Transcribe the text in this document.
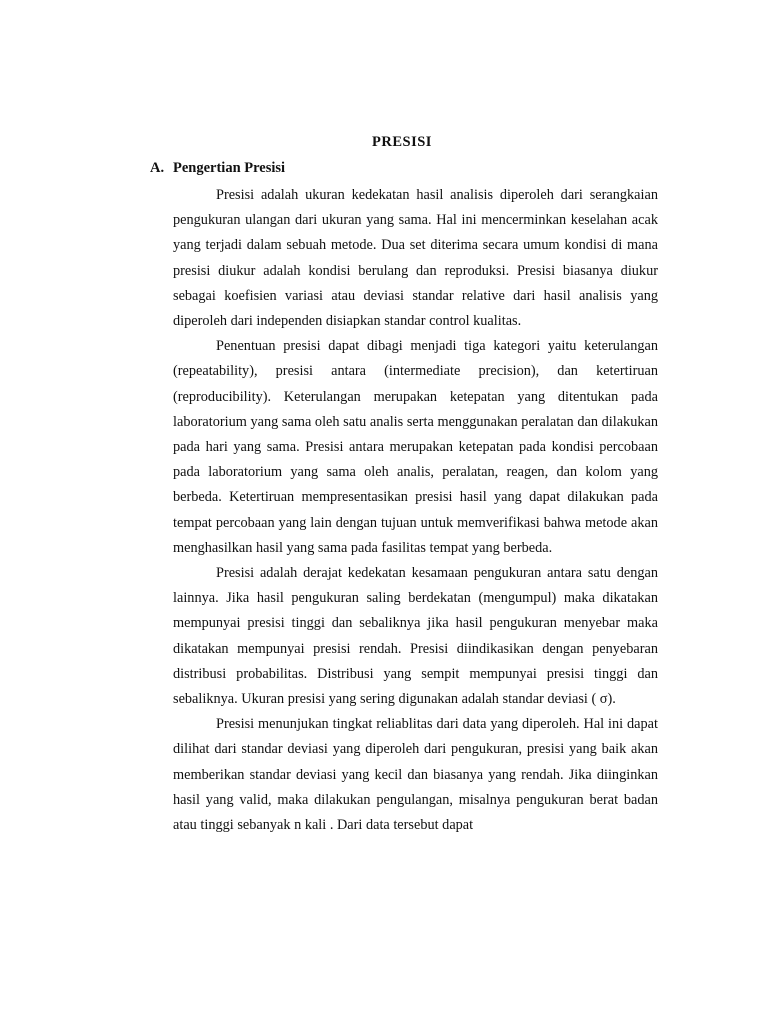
PRESISI
A. Pengertian Presisi

Presisi adalah ukuran kedekatan hasil analisis diperoleh dari serangkaian pengukuran ulangan dari ukuran yang sama. Hal ini mencerminkan keselahan acak yang terjadi dalam sebuah metode. Dua set diterima secara umum kondisi di mana presisi diukur adalah kondisi berulang dan reproduksi. Presisi biasanya diukur sebagai koefisien variasi atau deviasi standar relative dari hasil analisis yang diperoleh dari independen disiapkan standar control kualitas.

Penentuan presisi dapat dibagi menjadi tiga kategori yaitu keterulangan (repeatability), presisi antara (intermediate precision), dan ketertiruan (reproducibility). Keterulangan merupakan ketepatan yang ditentukan pada laboratorium yang sama oleh satu analis serta menggunakan peralatan dan dilakukan pada hari yang sama. Presisi antara merupakan ketepatan pada kondisi percobaan pada laboratorium yang sama oleh analis, peralatan, reagen, dan kolom yang berbeda. Ketertiruan mempresentasikan presisi hasil yang dapat dilakukan pada tempat percobaan yang lain dengan tujuan untuk memverifikasi bahwa metode akan menghasilkan hasil yang sama pada fasilitas tempat yang berbeda.

Presisi adalah derajat kedekatan kesamaan pengukuran antara satu dengan lainnya. Jika hasil pengukuran saling berdekatan (mengumpul) maka dikatakan mempunyai presisi tinggi dan sebaliknya jika hasil pengukuran menyebar maka dikatakan mempunyai presisi rendah. Presisi diindikasikan dengan penyebaran distribusi probabilitas. Distribusi yang sempit mempunyai presisi tinggi dan sebaliknya. Ukuran presisi yang sering digunakan adalah standar deviasi ( σ).

Presisi menunjukan tingkat reliablitas dari data yang diperoleh. Hal ini dapat dilihat dari standar deviasi yang diperoleh dari pengukuran, presisi yang baik akan memberikan standar deviasi yang kecil dan biasanya yang rendah. Jika diinginkan hasil yang valid, maka dilakukan pengulangan, misalnya pengukuran berat badan atau tinggi sebanyak n kali . Dari data tersebut dapat
